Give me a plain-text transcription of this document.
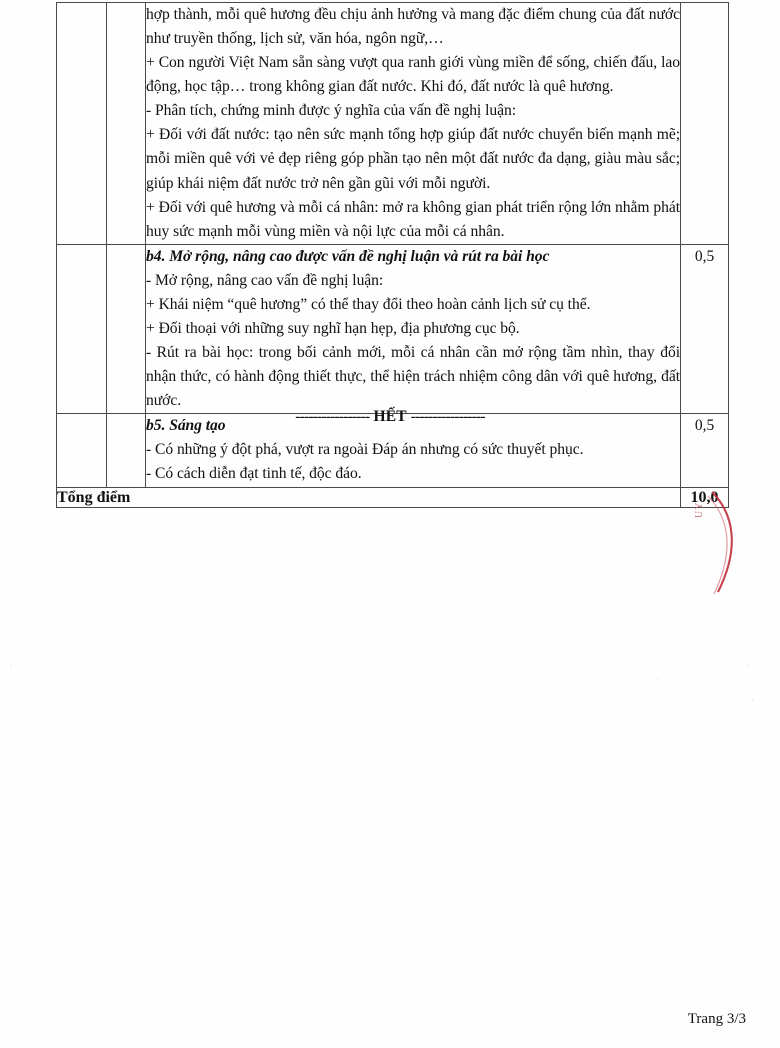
		hợp thành, mỗi quê hương đều chịu ảnh hưởng và mang đặc điểm chung của đất nước như truyền thống, lịch sử, văn hóa, ngôn ngữ,…

+ Con người Việt Nam sẵn sàng vượt qua ranh giới vùng miền để sống, chiến đấu, lao động, học tập… trong không gian đất nước. Khi đó, đất nước là quê hương.

- Phân tích, chứng minh được ý nghĩa của vấn đề nghị luận:

+ Đối với đất nước: tạo nên sức mạnh tổng hợp giúp đất nước chuyển biến mạnh mẽ; mỗi miền quê với vẻ đẹp riêng góp phần tạo nên một đất nước đa dạng, giàu màu sắc; giúp khái niệm đất nước trở nên gần gũi với mỗi người.

+ Đối với quê hương và mỗi cá nhân: mở ra không gian phát triển rộng lớn nhằm phát huy sức mạnh mỗi vùng miền và nội lực của mỗi cá nhân.	

		b4. Mở rộng, nâng cao được vấn đề nghị luận và rút ra bài học

- Mở rộng, nâng cao vấn đề nghị luận:

+ Khái niệm “quê hương” có thể thay đổi theo hoàn cảnh lịch sử cụ thể.

+ Đối thoại với những suy nghĩ hạn hẹp, địa phương cục bộ.

- Rút ra bài học: trong bối cảnh mới, mỗi cá nhân cần mở rộng tầm nhìn, thay đổi nhận thức, có hành động thiết thực, thể hiện trách nhiệm công dân với quê hương, đất nước.	0,5

		b5. Sáng tạo

- Có những ý đột phá, vượt ra ngoài Đáp án nhưng có sức thuyết phục.

- Có cách diễn đạt tinh tế, độc đáo.	0,5
Tổng điểm			10,0
----------------- HẾT -----------------
UY
Trang 3/3
